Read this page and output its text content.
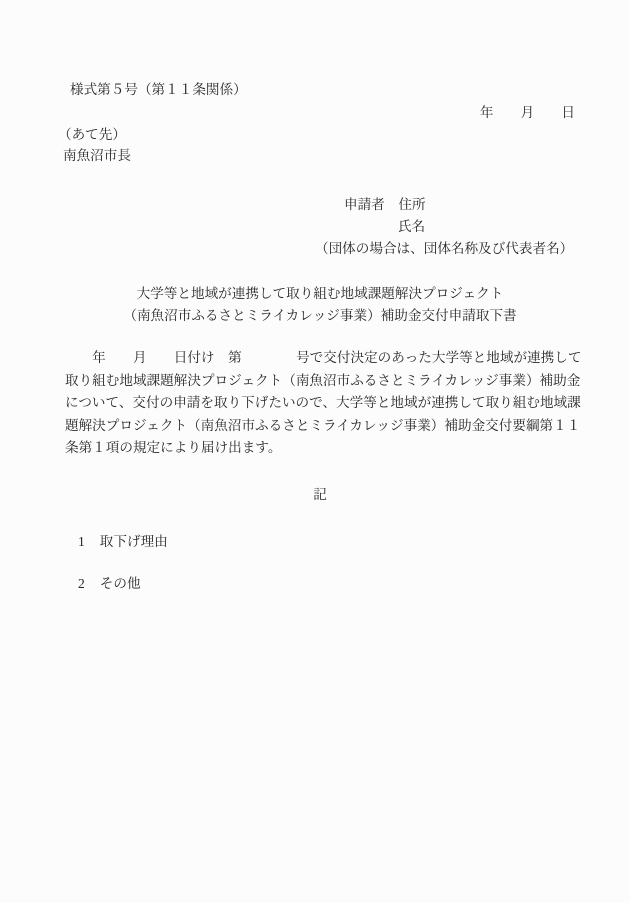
様式第５号（第１１条関係）
年　　月　　日
（あて先）
南魚沼市長
申請者　住所
氏名
（団体の場合は、団体名称及び代表者名）
大学等と地域が連携して取り組む地域課題解決プロジェクト
（南魚沼市ふるさとミライカレッジ事業）補助金交付申請取下書
　　年　　月　　日付け　第　　　　号で交付決定のあった大学等と地域が連携して
取り組む地域課題解決プロジェクト（南魚沼市ふるさとミライカレッジ事業）補助金
について、交付の申請を取り下げたいので、大学等と地域が連携して取り組む地域課
題解決プロジェクト（南魚沼市ふるさとミライカレッジ事業）補助金交付要綱第１１
条第１項の規定により届け出ます。
記
1 取下げ理由
2 その他
